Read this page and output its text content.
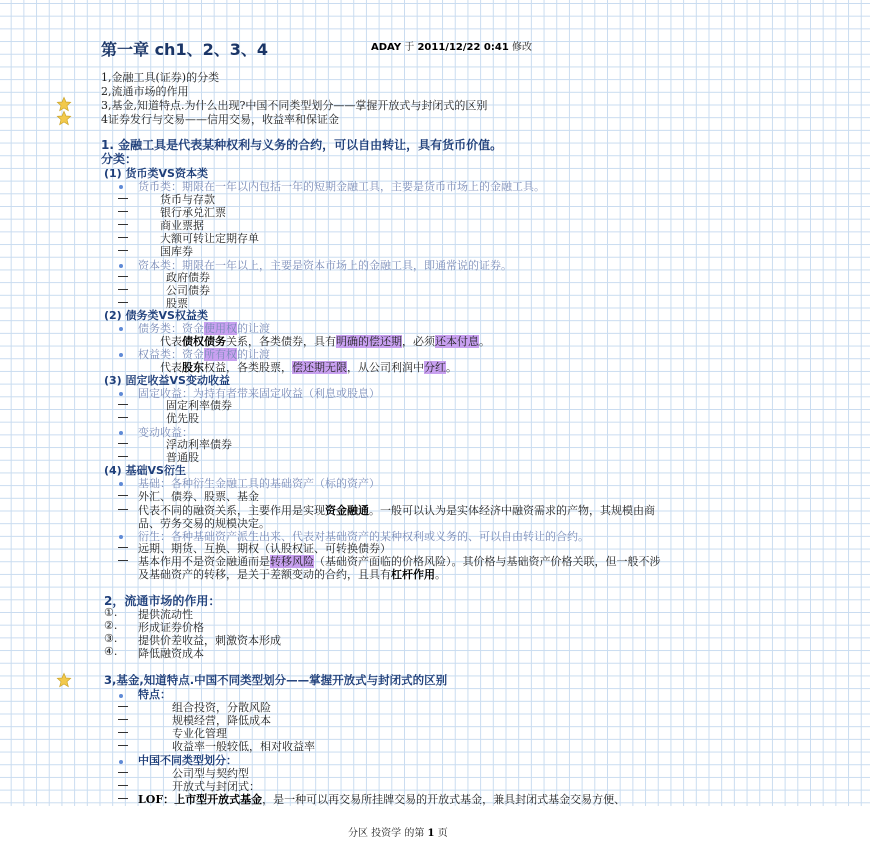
第一章 ch1、2、3、4	ADAY 于 2011/12/22 0:41 修改
1,金融工具(证券)的分类
2,流通市场的作用
3,基金,知道特点.为什么出现?中国不同类型划分——掌握开放式与封闭式的区别
4证券发行与交易——信用交易，收益率和保证金
1. 金融工具是代表某种权利与义务的合约，可以自由转让，具有货币价值。
分类：
(1) 货币类VS资本类
货币类：期限在一年以内包括一年的短期金融工具，主要是货币市场上的金融工具。
货币与存款
银行承兑汇票
商业票据
大额可转让定期存单
国库券
资本类：期限在一年以上，主要是资本市场上的金融工具，即通常说的证券。
政府债券
公司债券
股票
(2) 债务类VS权益类
债务类：资金使用权的让渡
代表债权债务关系，各类债券，具有明确的偿还期，必须还本付息。
权益类：资金所有权的让渡
代表股东权益，各类股票，偿还期无限，从公司利润中分红。
(3) 固定收益VS变动收益
固定收益：为持有者带来固定收益（利息或股息）
固定利率债券
优先股
变动收益：
浮动利率债券
普通股
(4) 基础VS衍生
基础：各种衍生金融工具的基础资产（标的资产）
外汇、债券、股票、基金
代表不同的融资关系，主要作用是实现资金融通。一般可以认为是实体经济中融资需求的产物，其规模由商
品、劳务交易的规模决定。
衍生：各种基础资产派生出来、代表对基础资产的某种权利或义务的、可以自由转让的合约。
远期、期货、互换、期权（认股权证、可转换债券）
基本作用不是资金融通而是转移风险（基础资产面临的价格风险）。其价格与基础资产价格关联，但一般不涉
及基础资产的转移，是关于差额变动的合约，且具有杠杆作用。
2，流通市场的作用：
①. 提供流动性
②. 形成证券价格
③. 提供价差收益，刺激资本形成
④. 降低融资成本
3,基金,知道特点.中国不同类型划分——掌握开放式与封闭式的区别
特点：
组合投资，分散风险
规模经营，降低成本
专业化管理
收益率一般较低，相对收益率
中国不同类型划分：
公司型与契约型
开放式与封闭式：
LOF：上市型开放式基金，是一种可以再交易所挂牌交易的开放式基金，兼具封闭式基金交易方便、
分区 投资学 的第 1 页
